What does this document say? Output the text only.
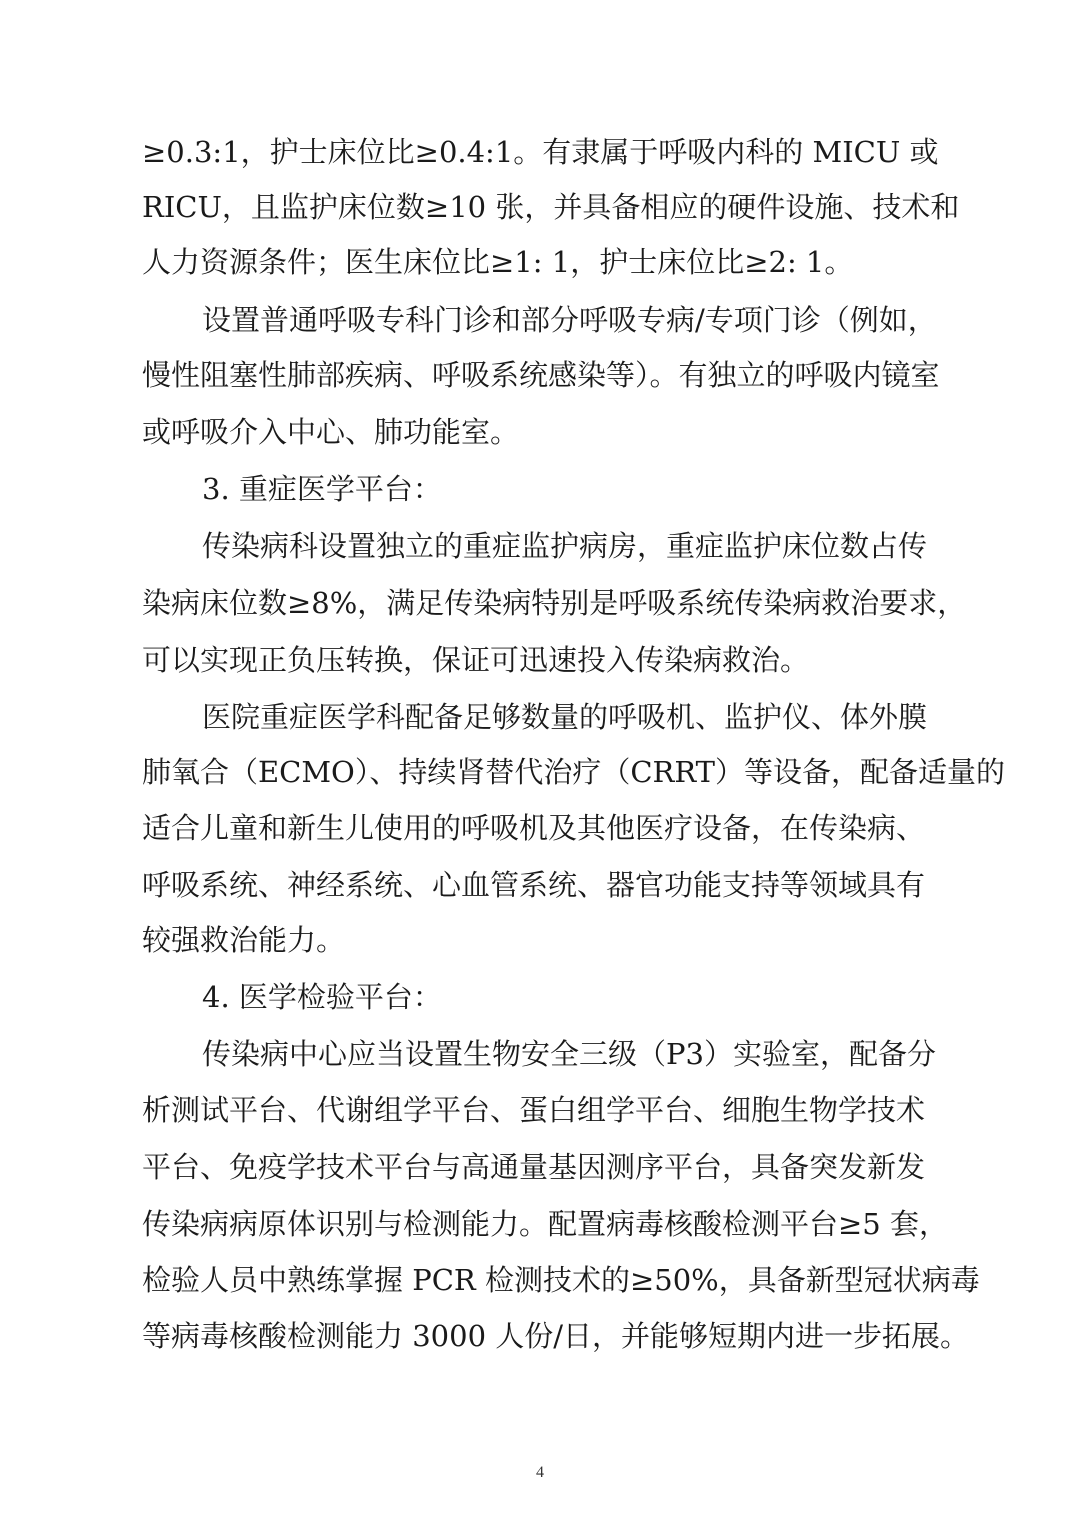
≥0.3:1，护士床位比≥0.4:1。有隶属于呼吸内科的 MICU 或
RICU，且监护床位数≥10 张，并具备相应的硬件设施、技术和
人力资源条件；医生床位比≥1: 1，护士床位比≥2: 1。
设置普通呼吸专科门诊和部分呼吸专病/专项门诊（例如，
慢性阻塞性肺部疾病、呼吸系统感染等）。有独立的呼吸内镜室
或呼吸介入中心、肺功能室。
3. 重症医学平台：
传染病科设置独立的重症监护病房，重症监护床位数占传
染病床位数≥8%，满足传染病特别是呼吸系统传染病救治要求，
可以实现正负压转换，保证可迅速投入传染病救治。
医院重症医学科配备足够数量的呼吸机、监护仪、体外膜
肺氧合（ECMO）、持续肾替代治疗（CRRT）等设备，配备适量的
适合儿童和新生儿使用的呼吸机及其他医疗设备，在传染病、
呼吸系统、神经系统、心血管系统、器官功能支持等领域具有
较强救治能力。
4. 医学检验平台：
传染病中心应当设置生物安全三级（P3）实验室，配备分
析测试平台、代谢组学平台、蛋白组学平台、细胞生物学技术
平台、免疫学技术平台与高通量基因测序平台，具备突发新发
传染病病原体识别与检测能力。配置病毒核酸检测平台≥5 套，
检验人员中熟练掌握 PCR 检测技术的≥50%，具备新型冠状病毒
等病毒核酸检测能力 3000 人份/日，并能够短期内进一步拓展。
4
